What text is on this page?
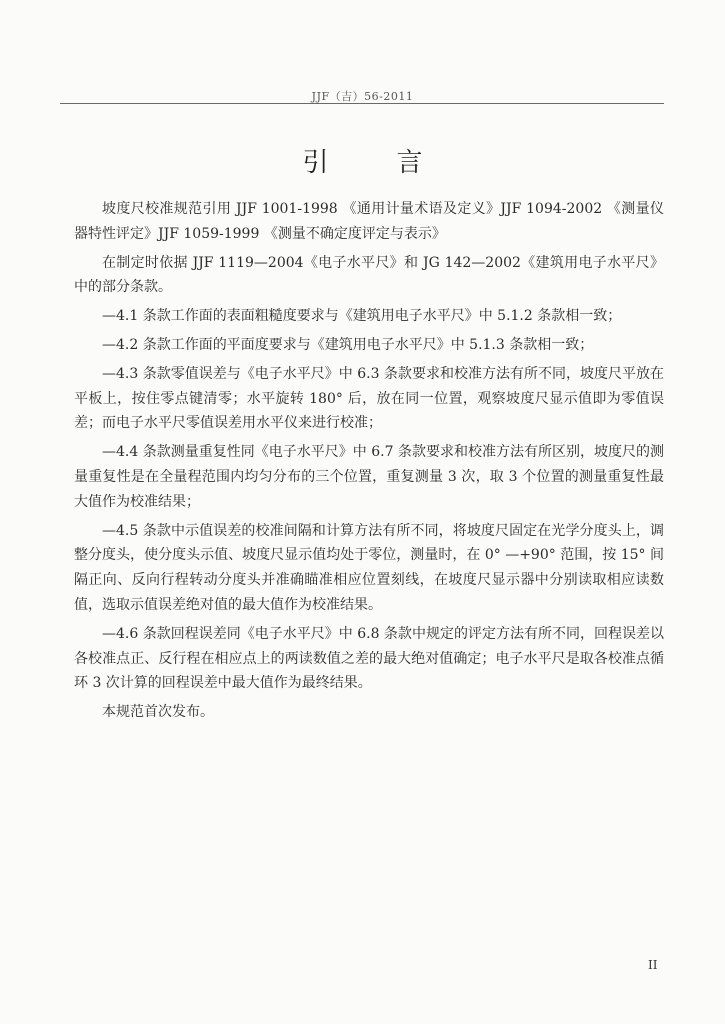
JJF（吉）56-2011
引言

坡度尺校准规范引用 JJF 1001-1998 《通用计量术语及定义》JJF 1094-2002 《测量仪器特性评定》JJF 1059-1999 《测量不确定度评定与表示》

在制定时依据 JJF 1119—2004《电子水平尺》和 JG 142—2002《建筑用电子水平尺》中的部分条款。

—4.1 条款工作面的表面粗糙度要求与《建筑用电子水平尺》中 5.1.2 条款相一致；

—4.2 条款工作面的平面度要求与《建筑用电子水平尺》中 5.1.3 条款相一致；

—4.3 条款零值误差与《电子水平尺》中 6.3 条款要求和校准方法有所不同，坡度尺平放在平板上，按住零点键清零；水平旋转 180° 后，放在同一位置，观察坡度尺显示值即为零值误差；而电子水平尺零值误差用水平仪来进行校准；

—4.4 条款测量重复性同《电子水平尺》中 6.7 条款要求和校准方法有所区别，坡度尺的测量重复性是在全量程范围内均匀分布的三个位置，重复测量 3 次，取 3 个位置的测量重复性最大值作为校准结果；

—4.5 条款中示值误差的校准间隔和计算方法有所不同，将坡度尺固定在光学分度头上，调整分度头，使分度头示值、坡度尺显示值均处于零位，测量时，在 0° —+90° 范围，按 15° 间隔正向、反向行程转动分度头并准确瞄准相应位置刻线，在坡度尺显示器中分别读取相应读数值，选取示值误差绝对值的最大值作为校准结果。

—4.6 条款回程误差同《电子水平尺》中 6.8 条款中规定的评定方法有所不同，回程误差以各校准点正、反行程在相应点上的两读数值之差的最大绝对值确定；电子水平尺是取各校准点循环 3 次计算的回程误差中最大值作为最终结果。

本规范首次发布。

II
